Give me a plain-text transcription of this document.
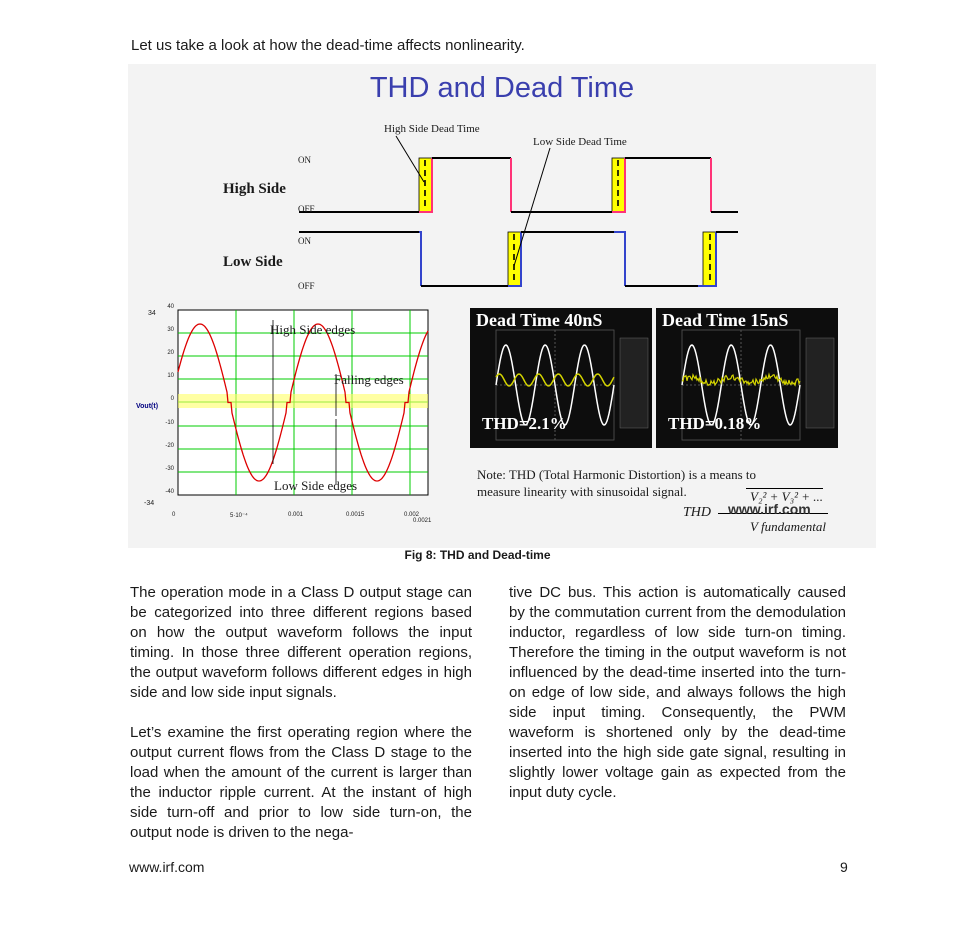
Let us take a look at how the dead-time affects nonlinearity.
THD and Dead Time
High Side Dead Time
Low Side Dead Time
High Side
Low Side
ON
OFF
ON
OFF
High Side edges
Falling edges
Low Side edges
Vout(t)
40
30
20
10
0
-10
-20
-30
-40
0	5·10⁻⁴	0.001	0.0015	0.002
0.0021
34
-34
Dead Time 40nS
THD=2.1%
Dead Time 15nS
THD=0.18%
Note: THD (Total Harmonic Distortion) is a means to measure linearity with sinusoidal signal.
THD
V₂² + V₃² + ...
V fundamental
www.irf.com
Fig 8: THD and Dead-time

The operation mode in a Class D output stage can be categorized into three different regions based on how the output waveform follows the input timing. In those three different operation regions, the output waveform follows different edges in high side and low side input signals.

Let’s examine the first operating region where the output current flows from the Class D stage to the load when the amount of the current is larger than the inductor ripple current. At the instant of high side turn-off and prior to low side turn-on, the output node is driven to the nega-

tive DC bus. This action is automatically caused by the commutation current from the demodulation inductor, regardless of low side turn-on timing. Therefore the timing in the output waveform is not influenced by the dead-time inserted into the turn-on edge of low side, and always follows the high side input timing. Consequently, the PWM waveform is shortened only by the dead-time inserted into the high side gate signal, resulting in slightly lower voltage gain as expected from the input duty cycle.

www.irf.com	9
